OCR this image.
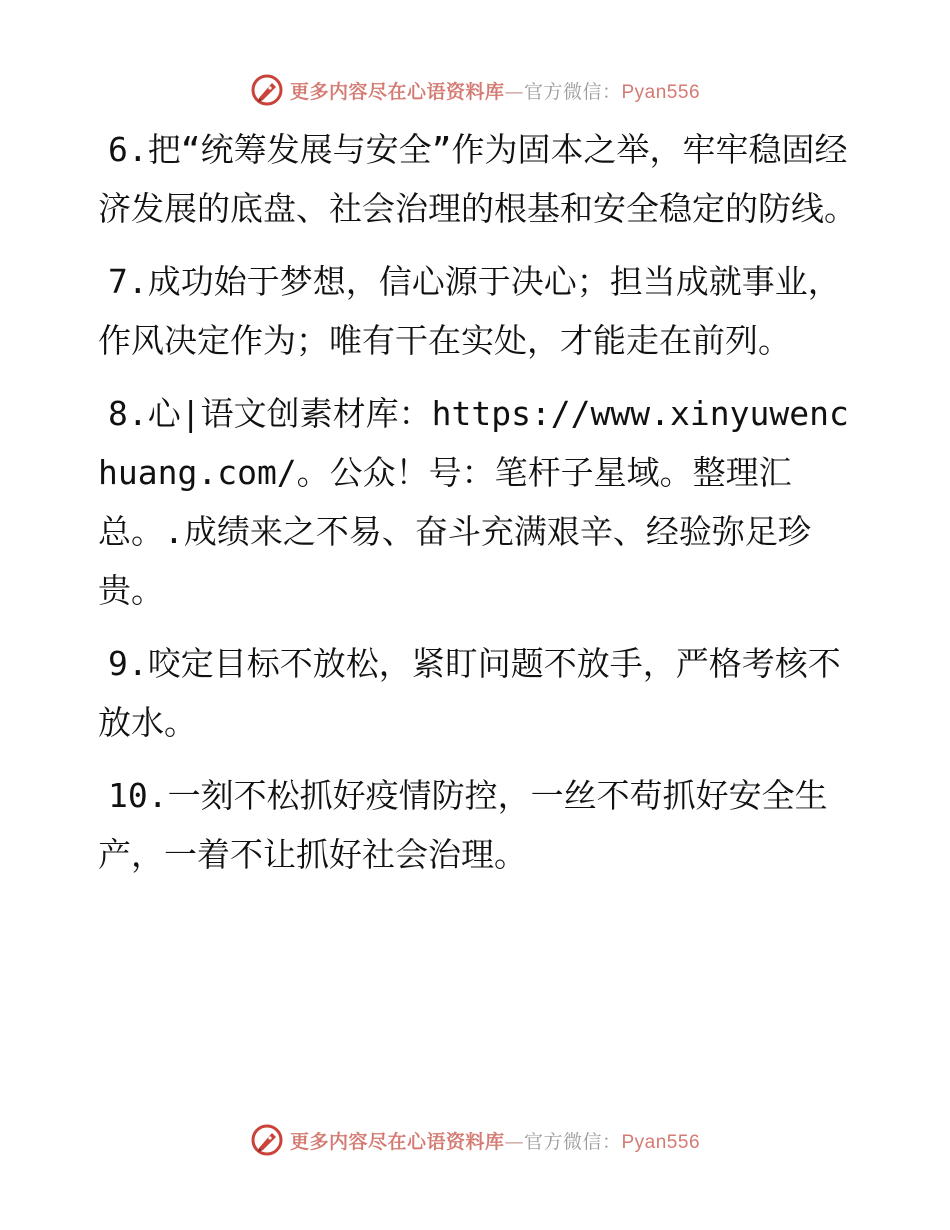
更多内容尽在心语资料库—官方微信：Pyan556

6.把“统筹发展与安全”作为固本之举，牢牢稳固经济发展的底盘、社会治理的根基和安全稳定的防线。

7.成功始于梦想，信心源于决心；担当成就事业，作风决定作为；唯有干在实处，才能走在前列。

8.心|语文创素材库：https://www.xinyuwenchuang.com/。公众！号：笔杆子星域。整理汇总。.成绩来之不易、奋斗充满艰辛、经验弥足珍贵。

9.咬定目标不放松，紧盯问题不放手，严格考核不放水。

10.一刻不松抓好疫情防控，一丝不苟抓好安全生产，一着不让抓好社会治理。

更多内容尽在心语资料库—官方微信：Pyan556
